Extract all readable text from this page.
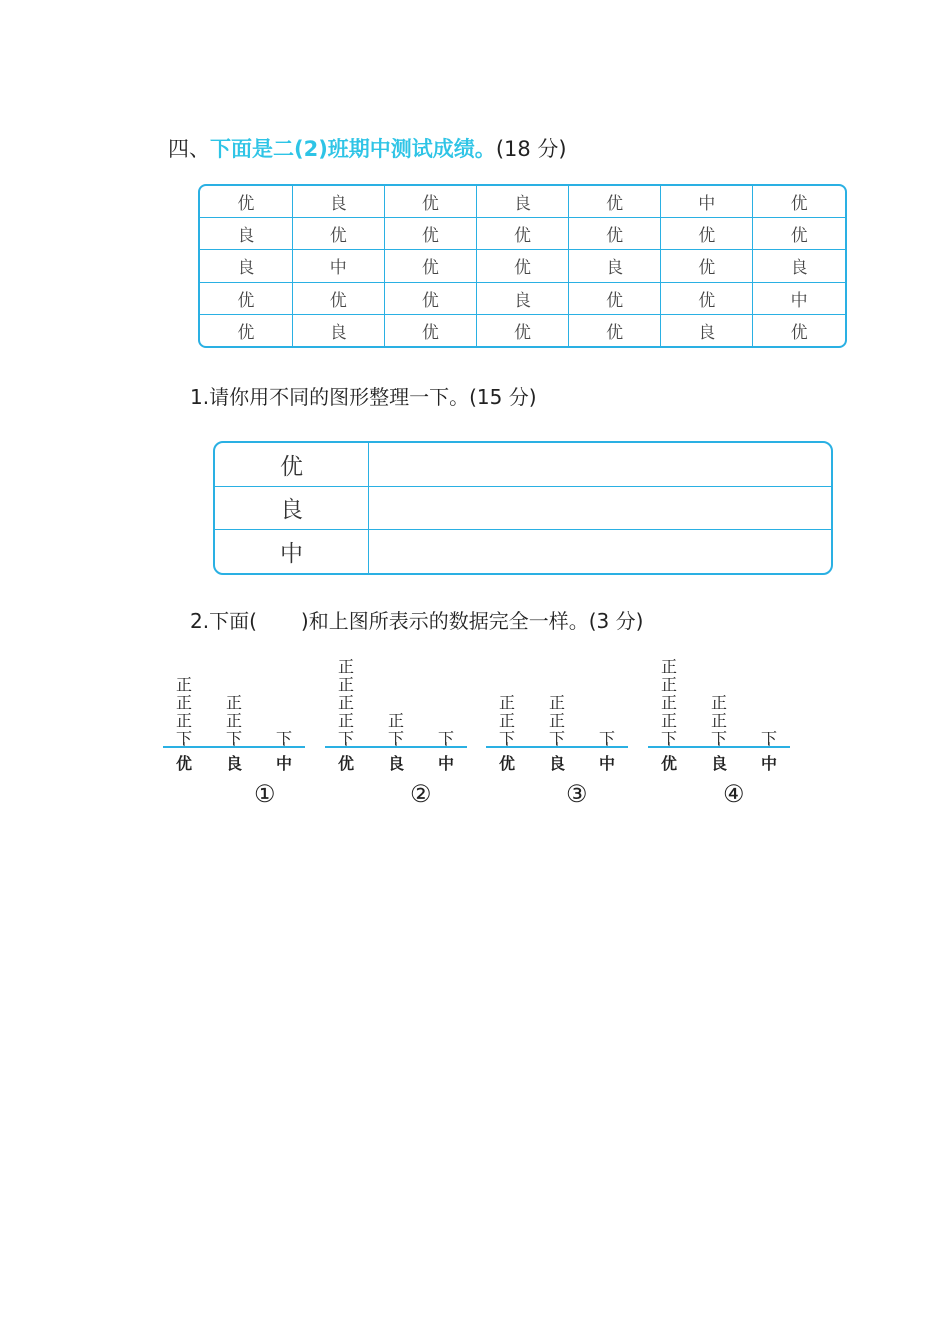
四、下面是二(2)班期中测试成绩。(18 分)
优	良	优	良	优	中	优
良	优	优	优	优	优	优
良	中	优	优	良	优	良
优	优	优	良	优	优	中
优	良	优	优	优	良	优
1.请你用不同的图形整理一下。(15 分)
优	
良	
中	
2.下面( )和上图所表示的数据完全一样。(3 分)
正
正
正
下
优
正
正
下
良
下
中
①
正
正
正
正
下
优
正
下
良
下
中
②
正
正
下
优
正
正
下
良
下
中
③
正
正
正
正
下
优
正
正
下
良
下
中
④
